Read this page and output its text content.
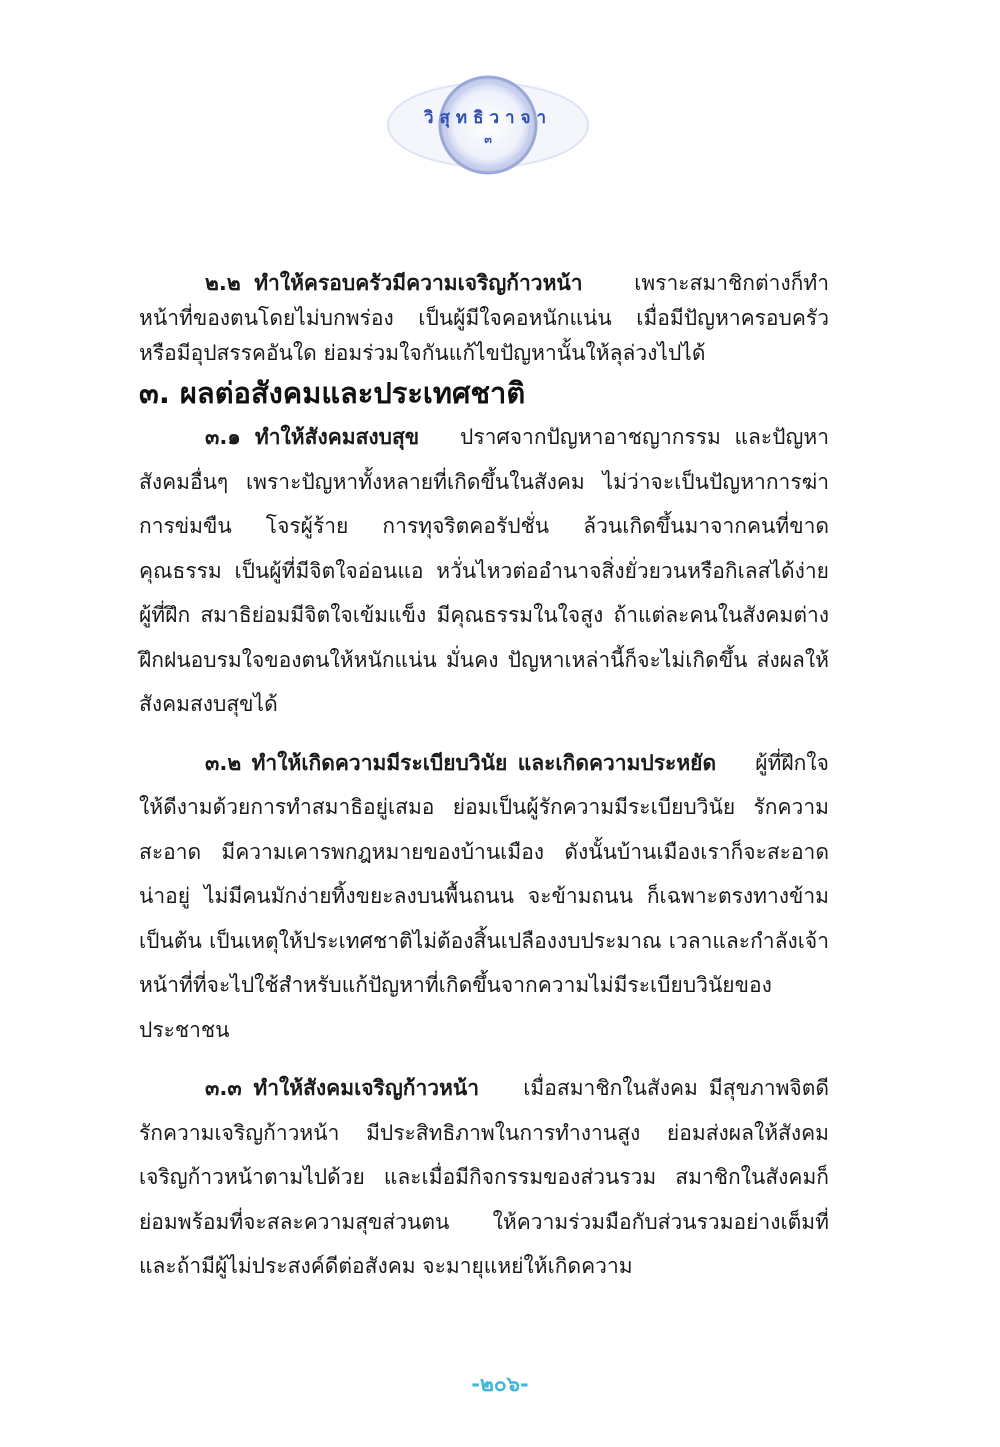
วิสุทธิวาจา
๓

๒.๒ ทำให้ครอบครัวมีความเจริญก้าวหน้า เพราะสมาชิกต่างก็ทำหน้าที่ของตนโดยไม่บกพร่อง เป็นผู้มีใจคอหนักแน่น เมื่อมีปัญหาครอบครัวหรือมีอุปสรรคอันใด ย่อมร่วมใจกันแก้ไขปัญหานั้นให้ลุล่วงไปได้

๓. ผลต่อสังคมและประเทศชาติ

๓.๑ ทำให้สังคมสงบสุข ปราศจากปัญหาอาชญากรรม และปัญหาสังคมอื่นๆ เพราะปัญหาทั้งหลายที่เกิดขึ้นในสังคม ไม่ว่าจะเป็นปัญหาการฆ่า การข่มขืน โจรผู้ร้าย การทุจริตคอรัปชั่น ล้วนเกิดขึ้นมาจากคนที่ขาดคุณธรรม เป็นผู้ที่มีจิตใจอ่อนแอ หวั่นไหวต่ออำนาจสิ่งยั่วยวนหรือกิเลสได้ง่าย ผู้ที่ฝึก สมาธิย่อมมีจิตใจเข้มแข็ง มีคุณธรรมในใจสูง ถ้าแต่ละคนในสังคมต่างฝึกฝนอบรมใจของตนให้หนักแน่น มั่นคง ปัญหาเหล่านี้ก็จะไม่เกิดขึ้น ส่งผลให้ สังคมสงบสุขได้

๓.๒ ทำให้เกิดความมีระเบียบวินัย และเกิดความประหยัด ผู้ที่ฝึกใจ ให้ดีงามด้วยการทำสมาธิอยู่เสมอ ย่อมเป็นผู้รักความมีระเบียบวินัย รักความ สะอาด มีความเคารพกฎหมายของบ้านเมือง ดังนั้นบ้านเมืองเราก็จะสะอาด น่าอยู่ ไม่มีคนมักง่ายทิ้งขยะลงบนพื้นถนน จะข้ามถนน ก็เฉพาะตรงทางข้าม เป็นต้น เป็นเหตุให้ประเทศชาติไม่ต้องสิ้นเปลืองงบประมาณ เวลาและกำลังเจ้าหน้าที่ที่จะไปใช้สำหรับแก้ปัญหาที่เกิดขึ้นจากความไม่มีระเบียบวินัยของประชาชน

๓.๓ ทำให้สังคมเจริญก้าวหน้า เมื่อสมาชิกในสังคม มีสุขภาพจิตดี รักความเจริญก้าวหน้า มีประสิทธิภาพในการทำงานสูง ย่อมส่งผลให้สังคมเจริญก้าวหน้าตามไปด้วย และเมื่อมีกิจกรรมของส่วนรวม สมาชิกในสังคมก็ย่อมพร้อมที่จะสละความสุขส่วนตน ให้ความร่วมมือกับส่วนรวมอย่างเต็มที่ และถ้ามีผู้ไม่ประสงค์ดีต่อสังคม จะมายุแหย่ให้เกิดความ

-๒๐๖-
